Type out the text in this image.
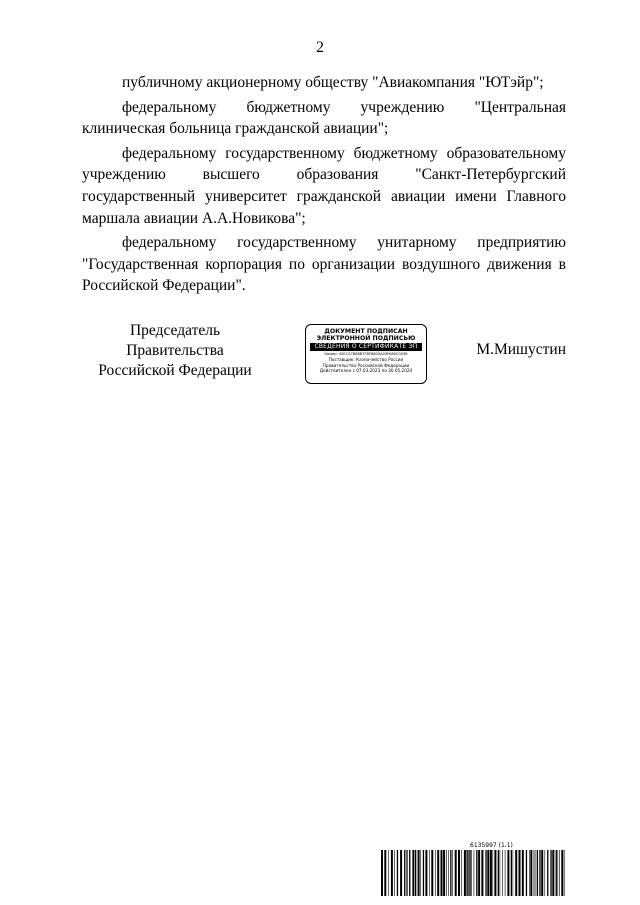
2

публичному акционерному обществу "Авиакомпания "ЮТэйр";

федеральному бюджетному учреждению "Центральная клиническая больница гражданской авиации";

федеральному государственному бюджетному образовательному учреждению высшего образования "Санкт-Петербургский государственный университет гражданской авиации имени Главного маршала авиации А.А.Новикова";

федеральному государственному унитарному предприятию "Государственная корпорация по организации воздушного движения в Российской Федерации".

Председатель Правительства
Российской Федерации
ДОКУМЕНТ ПОДПИСАН
ЭЛЕКТРОННОЙ ПОДПИСЬЮ
СВЕДЕНИЯ О СЕРТИФИКАТЕ ЭП
Номер: 40ECS7B88B7F8F8800A03FA89C0038
Поставщик: Казначейство России
Правительство Российской Федерации
Действителен с 07.03.2023 по 30.05.2024
М.Мишустин
6135997 (1.1)
